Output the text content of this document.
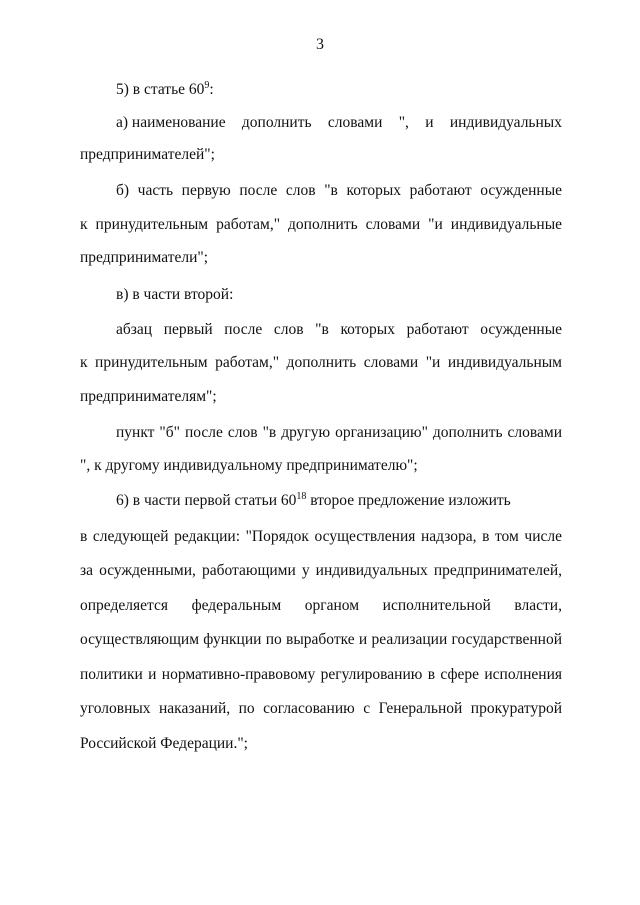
3
5) в статье $60^9$:
а) наименование дополнить словами ", и индивидуальных
предпринимателей";
б) часть первую после слов "в которых работают осужденные
к принудительным работам," дополнить словами "и индивидуальные
предприниматели";
в) в части второй:
абзац первый после слов "в которых работают осужденные
к принудительным работам," дополнить словами "и индивидуальным
предпринимателям";
пункт "б" после слов "в другую организацию" дополнить словами
", к другому индивидуальному предпринимателю";
6) в части первой статьи $60^{18}$ второе предложение изложить
в следующей редакции: "Порядок осуществления надзора, в том числе
за осужденными, работающими у индивидуальных предпринимателей,
определяется федеральным органом исполнительной власти,
осуществляющим функции по выработке и реализации государственной
политики и нормативно-правовому регулированию в сфере исполнения
уголовных наказаний, по согласованию с Генеральной прокуратурой
Российской Федерации.";
